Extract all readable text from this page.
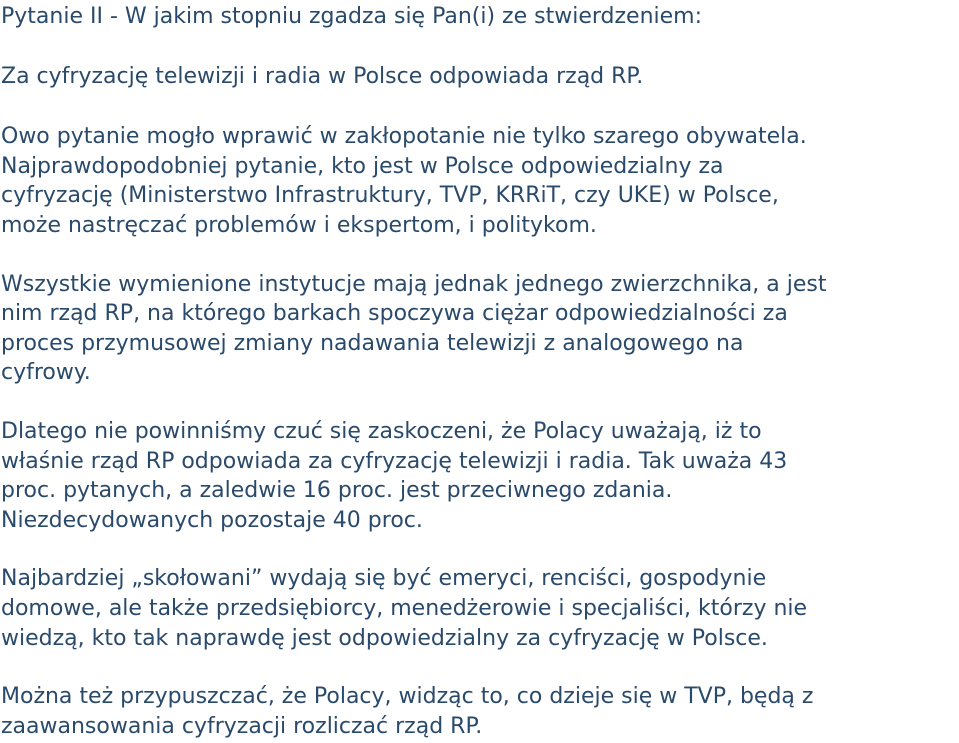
Pytanie II - W jakim stopniu zgadza się Pan(i) ze stwierdzeniem:
Za cyfryzację telewizji i radia w Polsce odpowiada rząd RP.
Owo pytanie mogło wprawić w zakłopotanie nie tylko szarego obywatela.
Najprawdopodobniej pytanie, kto jest w Polsce odpowiedzialny za
cyfryzację (Ministerstwo Infrastruktury, TVP, KRRiT, czy UKE) w Polsce,
może nastręczać problemów i ekspertom, i politykom.
Wszystkie wymienione instytucje mają jednak jednego zwierzchnika, a jest
nim rząd RP, na którego barkach spoczywa ciężar odpowiedzialności za
proces przymusowej zmiany nadawania telewizji z analogowego na
cyfrowy.
Dlatego nie powinniśmy czuć się zaskoczeni, że Polacy uważają, iż to
właśnie rząd RP odpowiada za cyfryzację telewizji i radia. Tak uważa 43
proc. pytanych, a zaledwie 16 proc. jest przeciwnego zdania.
Niezdecydowanych pozostaje 40 proc.
Najbardziej „skołowani” wydają się być emeryci, renciści, gospodynie
domowe, ale także przedsiębiorcy, menedżerowie i specjaliści, którzy nie
wiedzą, kto tak naprawdę jest odpowiedzialny za cyfryzację w Polsce.
Można też przypuszczać, że Polacy, widząc to, co dzieje się w TVP, będą z
zaawansowania cyfryzacji rozliczać rząd RP.
